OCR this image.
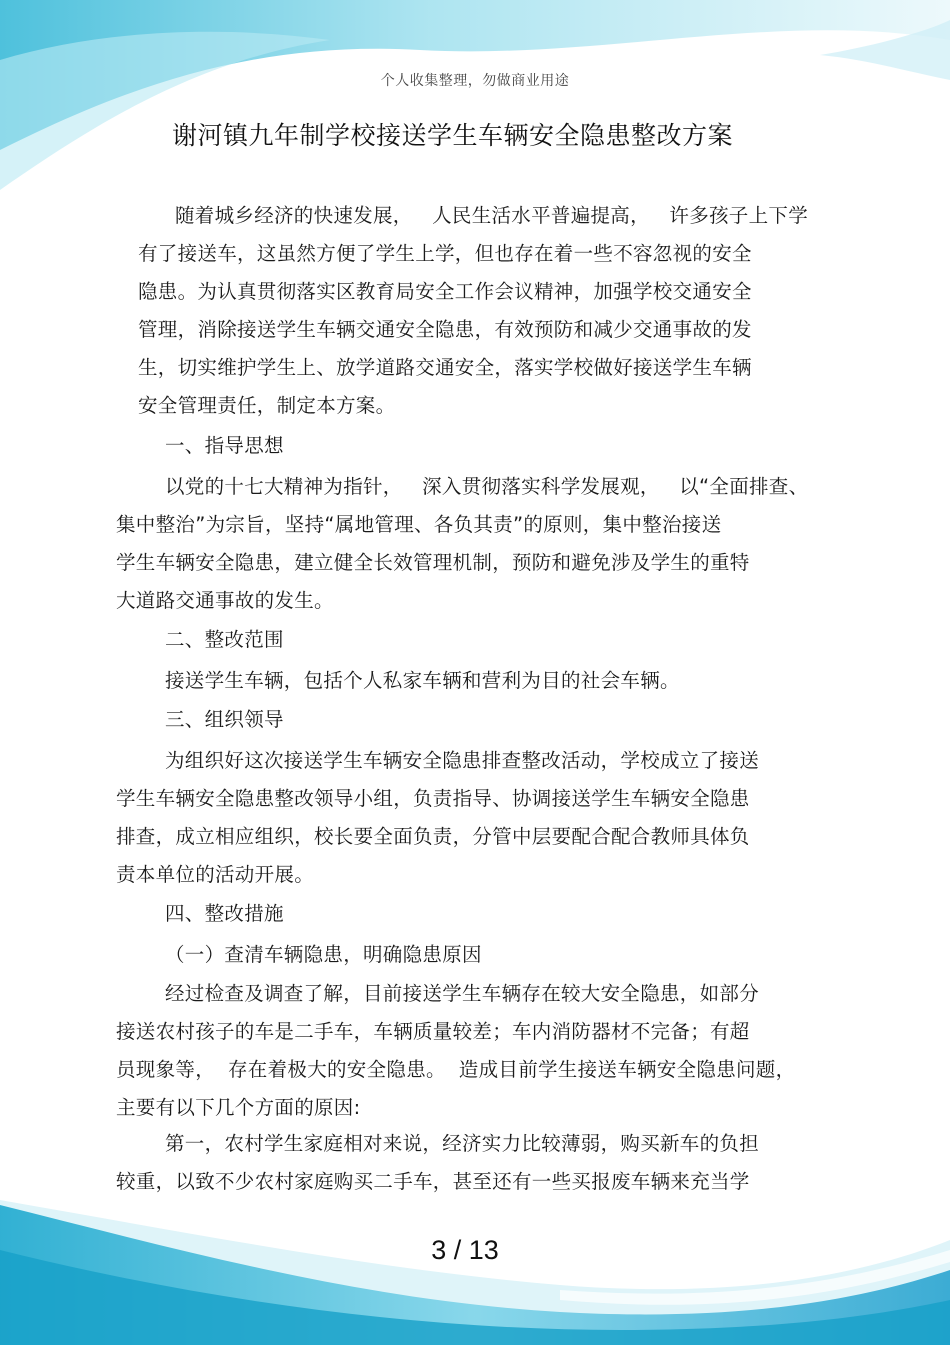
个人收集整理，勿做商业用途
谢河镇九年制学校接送学生车辆安全隐患整改方案
随着城乡经济的快速发展，   人民生活水平普遍提高，   许多孩子上下学
有了接送车，这虽然方便了学生上学，但也存在着一些不容忽视的安全
隐患。为认真贯彻落实区教育局安全工作会议精神，加强学校交通安全
管理，消除接送学生车辆交通安全隐患，有效预防和减少交通事故的发
生，切实维护学生上、放学道路交通安全，落实学校做好接送学生车辆
安全管理责任，制定本方案。
一、指导思想
以党的十七大精神为指针，   深入贯彻落实科学发展观，   以“全面排查、
集中整治”为宗旨，坚持“属地管理、各负其责”的原则，集中整治接送
学生车辆安全隐患，建立健全长效管理机制，预防和避免涉及学生的重特
大道路交通事故的发生。
二、整改范围
接送学生车辆，包括个人私家车辆和营利为目的社会车辆。
三、组织领导
为组织好这次接送学生车辆安全隐患排查整改活动，学校成立了接送
学生车辆安全隐患整改领导小组，负责指导、协调接送学生车辆安全隐患
排查，成立相应组织，校长要全面负责，分管中层要配合配合教师具体负
责本单位的活动开展。
四、整改措施
（一）查清车辆隐患，明确隐患原因
经过检查及调查了解，目前接送学生车辆存在较大安全隐患，如部分
接送农村孩子的车是二手车，车辆质量较差；车内消防器材不完备；有超
员现象等，  存在着极大的安全隐患。  造成目前学生接送车辆安全隐患问题，
主要有以下几个方面的原因:
第一，农村学生家庭相对来说，经济实力比较薄弱，购买新车的负担
较重，以致不少农村家庭购买二手车，甚至还有一些买报废车辆来充当学
3 / 13
